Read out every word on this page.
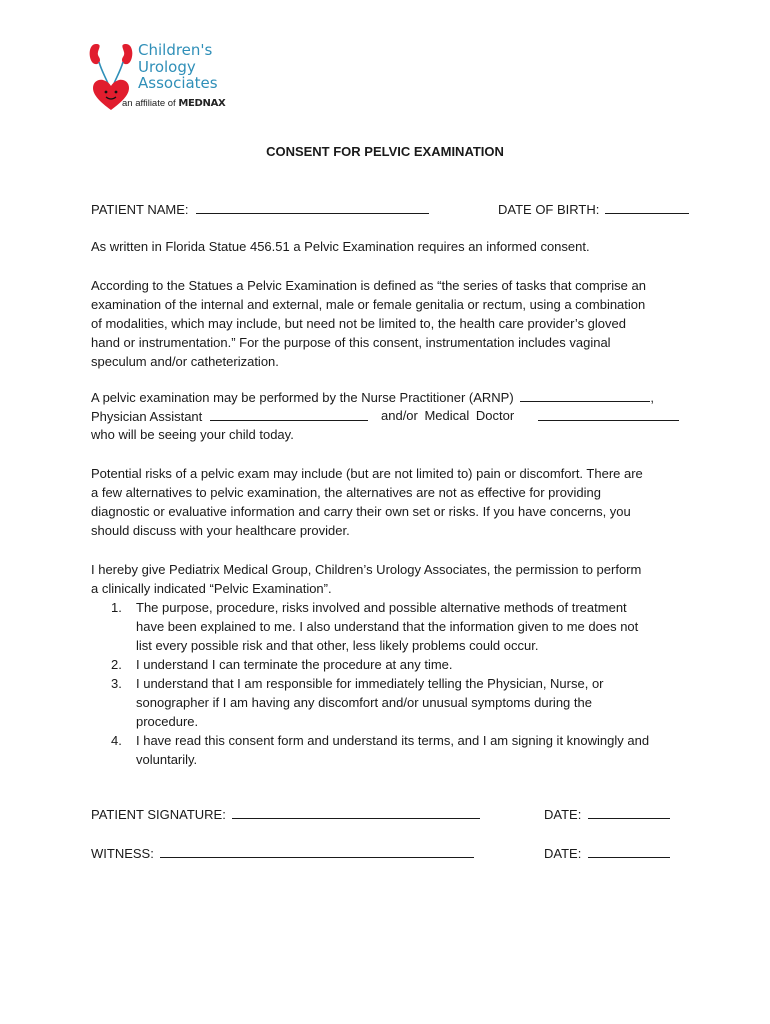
Children's
Urology
Associates
an affiliate of MEDNAX
CONSENT FOR PELVIC EXAMINATION
PATIENT NAME:	DATE OF BIRTH:
As written in Florida Statue 456.51 a Pelvic Examination requires an informed consent.
According to the Statues a Pelvic Examination is defined as “the series of tasks that comprise an
examination of the internal and external, male or female genitalia or rectum, using a combination
of modalities, which may include, but need not be limited to, the health care provider’s gloved
hand or instrumentation.” For the purpose of this consent, instrumentation includes vaginal
speculum and/or catheterization.
A pelvic examination may be performed by the Nurse Practitioner (ARNP)	,
Physician Assistant	and/or Medical Doctor
who will be seeing your child today.
Potential risks of a pelvic exam may include (but are not limited to) pain or discomfort. There are
a few alternatives to pelvic examination, the alternatives are not as effective for providing
diagnostic or evaluative information and carry their own set or risks. If you have concerns, you
should discuss with your healthcare provider.
I hereby give Pediatrix Medical Group, Children’s Urology Associates, the permission to perform
a clinically indicated “Pelvic Examination”.
1. The purpose, procedure, risks involved and possible alternative methods of treatment
have been explained to me. I also understand that the information given to me does not
list every possible risk and that other, less likely problems could occur.
2. I understand I can terminate the procedure at any time.
3. I understand that I am responsible for immediately telling the Physician, Nurse, or
sonographer if I am having any discomfort and/or unusual symptoms during the
procedure.
4. I have read this consent form and understand its terms, and I am signing it knowingly and
voluntarily.
PATIENT SIGNATURE:	DATE:
WITNESS:	DATE:
